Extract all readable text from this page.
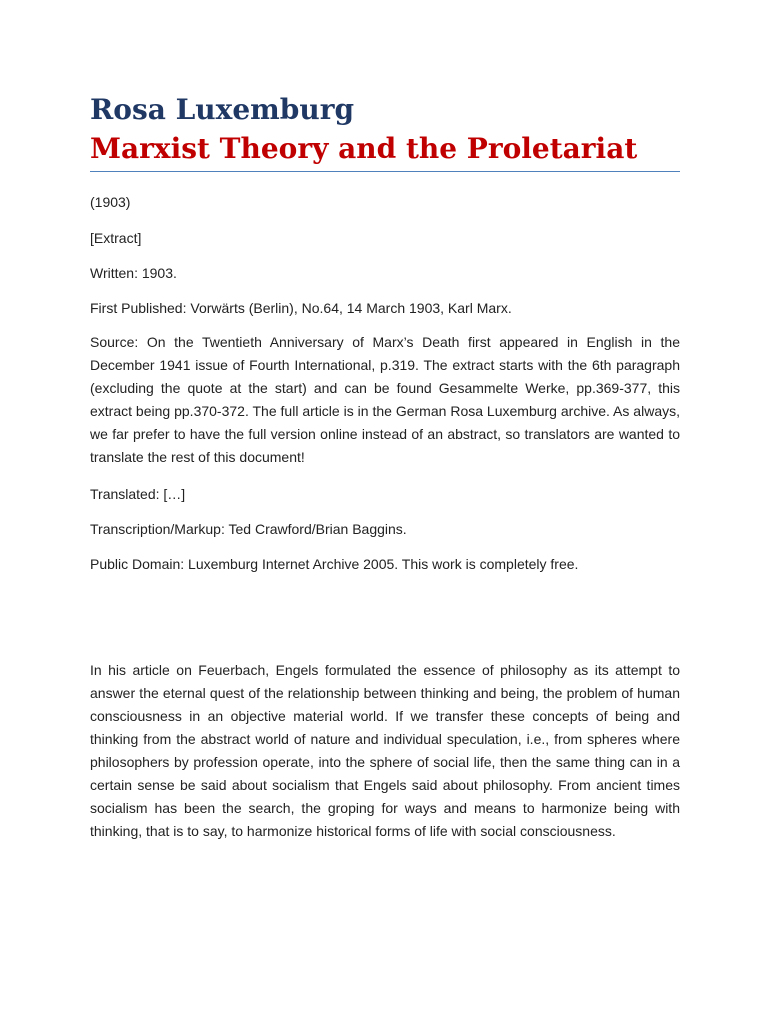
Rosa Luxemburg
Marxist Theory and the Proletariat

(1903)

[Extract]

Written: 1903.

First Published: Vorwärts (Berlin), No.64, 14 March 1903, Karl Marx.

Source: On the Twentieth Anniversary of Marx’s Death first appeared in English in the December 1941 issue of Fourth International, p.319. The extract starts with the 6th paragraph (excluding the quote at the start) and can be found Gesammelte Werke, pp.369-377, this extract being pp.370-372. The full article is in the German Rosa Luxemburg archive. As always, we far prefer to have the full version online instead of an abstract, so translators are wanted to translate the rest of this document!

Translated: […]

Transcription/Markup: Ted Crawford/Brian Baggins.

Public Domain: Luxemburg Internet Archive 2005. This work is completely free.

In his article on Feuerbach, Engels formulated the essence of philosophy as its attempt to answer the eternal quest of the relationship between thinking and being, the problem of human consciousness in an objective material world. If we transfer these concepts of being and thinking from the abstract world of nature and individual speculation, i.e., from spheres where philosophers by profession operate, into the sphere of social life, then the same thing can in a certain sense be said about socialism that Engels said about philosophy. From ancient times socialism has been the search, the groping for ways and means to harmonize being with thinking, that is to say, to harmonize historical forms of life with social consciousness.
